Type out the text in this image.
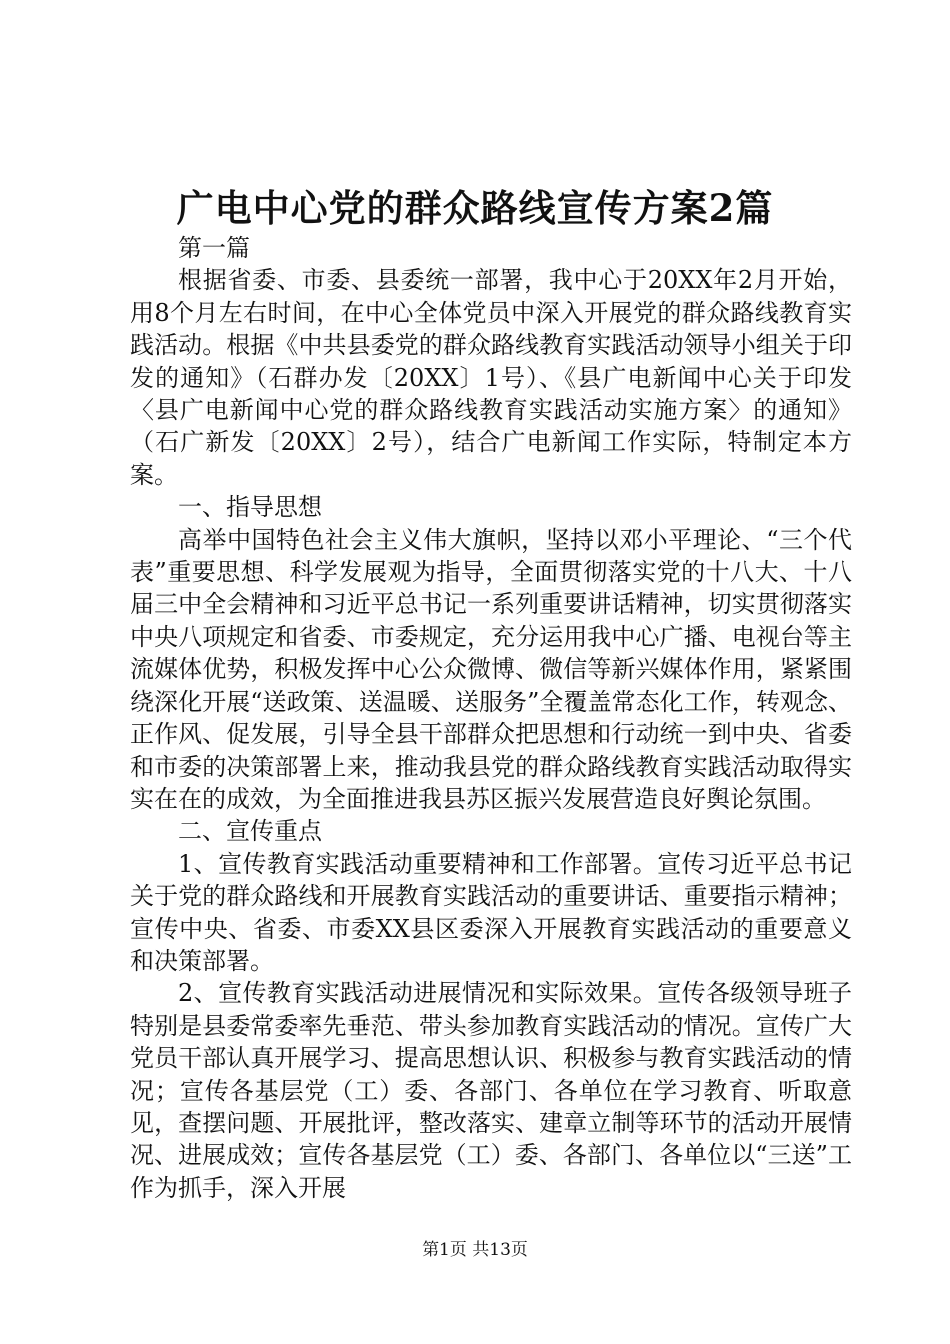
广电中心党的群众路线宣传方案2篇

第一篇

根据省委、市委、县委统一部署，我中心于20XX年2月开始，用8个月左右时间，在中心全体党员中深入开展党的群众路线教育实践活动。根据《中共县委党的群众路线教育实践活动领导小组关于印发的通知》（石群办发〔20XX〕1号）、《县广电新闻中心关于印发〈县广电新闻中心党的群众路线教育实践活动实施方案〉的通知》（石广新发〔20XX〕2号），结合广电新闻工作实际，特制定本方案。

一、指导思想

高举中国特色社会主义伟大旗帜，坚持以邓小平理论、“三个代表”重要思想、科学发展观为指导，全面贯彻落实党的十八大、十八届三中全会精神和习近平总书记一系列重要讲话精神，切实贯彻落实中央八项规定和省委、市委规定，充分运用我中心广播、电视台等主流媒体优势，积极发挥中心公众微博、微信等新兴媒体作用，紧紧围绕深化开展“送政策、送温暖、送服务”全覆盖常态化工作，转观念、正作风、促发展，引导全县干部群众把思想和行动统一到中央、省委和市委的决策部署上来，推动我县党的群众路线教育实践活动取得实实在在的成效，为全面推进我县苏区振兴发展营造良好舆论氛围。

二、宣传重点

1、宣传教育实践活动重要精神和工作部署。宣传习近平总书记关于党的群众路线和开展教育实践活动的重要讲话、重要指示精神；宣传中央、省委、市委XX县区委深入开展教育实践活动的重要意义和决策部署。

2、宣传教育实践活动进展情况和实际效果。宣传各级领导班子特别是县委常委率先垂范、带头参加教育实践活动的情况。宣传广大党员干部认真开展学习、提高思想认识、积极参与教育实践活动的情况；宣传各基层党（工）委、各部门、各单位在学习教育、听取意见，查摆问题、开展批评，整改落实、建章立制等环节的活动开展情况、进展成效；宣传各基层党（工）委、各部门、各单位以“三送”工作为抓手，深入开展

第1页 共13页
